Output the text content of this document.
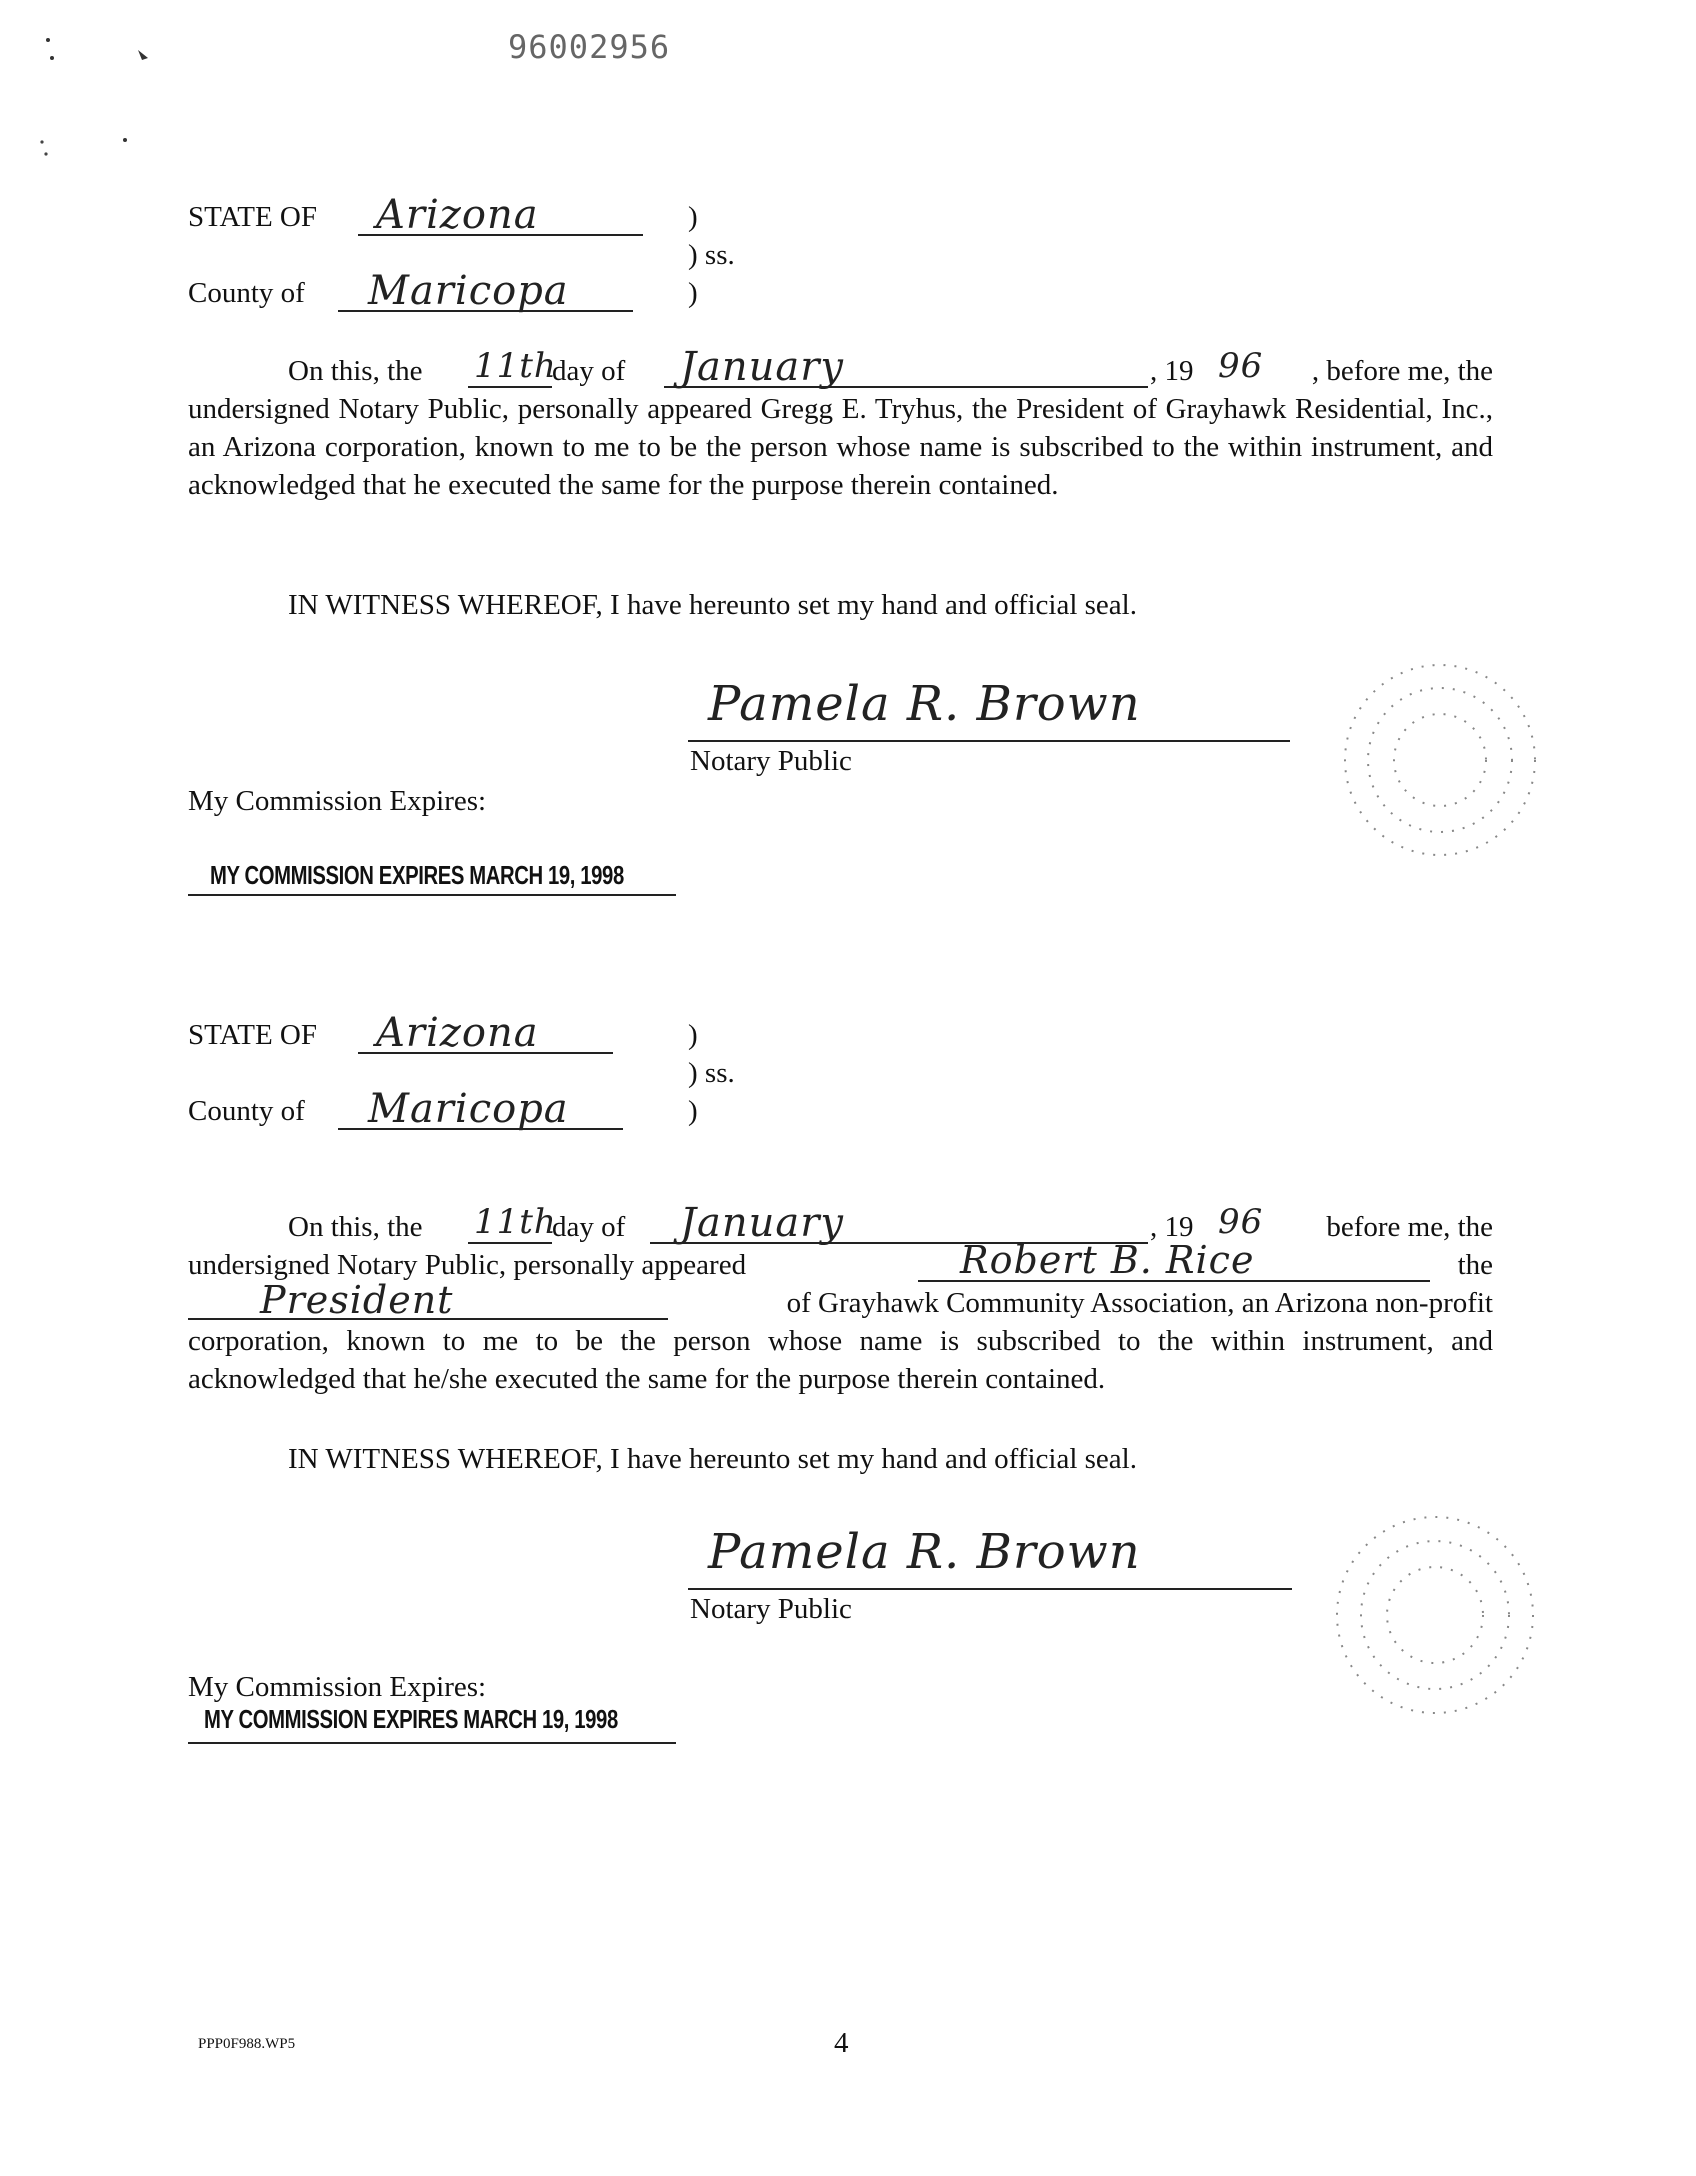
96002956
STATE OF Arizona	)
) ss.
County of Maricopa	)
On this, the 11th
day of January	, 19 96	, before me, the
undersigned Notary Public, personally appeared Gregg E. Tryhus, the President of Grayhawk Residential, Inc., an Arizona corporation, known to me to be the person whose name is subscribed to the within instrument, and acknowledged that he executed the same for the purpose therein contained.
IN WITNESS WHEREOF, I have hereunto set my hand and official seal.
Pamela R. Brown
Notary Public
My Commission Expires:
MY COMMISSION EXPIRES MARCH 19, 1998
STATE OF Arizona	)
) ss.
County of Maricopa	)
On this, the 11th
day of January	, 19 96	before me, the
undersigned Notary Public, personally appeared	Robert B. Rice	the
President	of Grayhawk Community Association, an Arizona non-profit
corporation, known to me to be the person whose name is subscribed to the within instrument, and acknowledged that he/she executed the same for the purpose therein contained.
IN WITNESS WHEREOF, I have hereunto set my hand and official seal.
Pamela R. Brown
Notary Public
My Commission Expires:
MY COMMISSION EXPIRES MARCH 19, 1998
PPP0F988.WP5	4
